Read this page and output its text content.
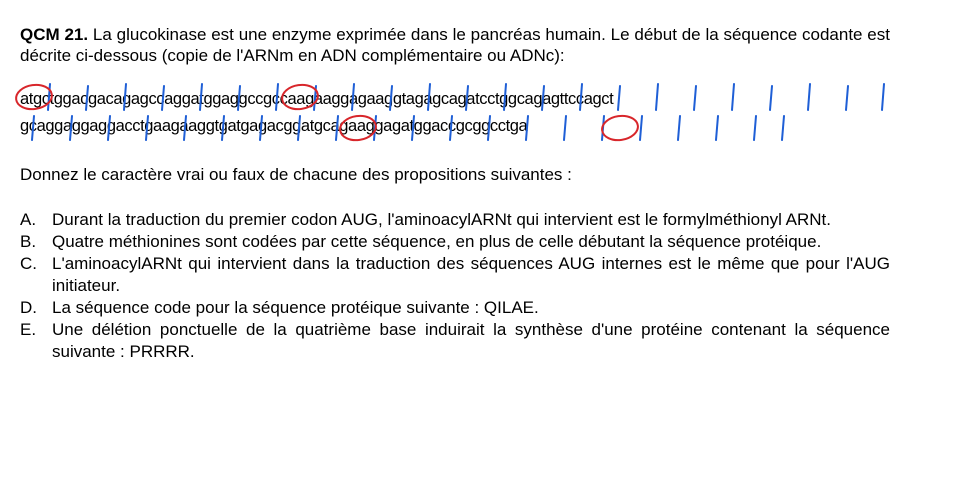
QCM 21. La glucokinase est une enzyme exprimée dans le pancréas humain. Le début de la séquence codante est décrite ci-dessous (copie de l'ARNm en ADN complémentaire ou ADNc):

atgctggacgacagagccaggatggaggccgccaagaaggagaaggtagagcagatcctggcagagttccagct

gcaggaggaggacctgaagaaggtgatgagacggatgcagaaggagatggaccgcggcctga

Donnez le caractère vrai ou faux de chacune des propositions suivantes :

A. Durant la traduction du premier codon AUG, l'aminoacylARNt qui intervient est le formylméthionyl ARNt.
B. Quatre méthionines sont codées par cette séquence, en plus de celle débutant la séquence protéique.
C. L'aminoacylARNt qui intervient dans la traduction des séquences AUG internes est le même que pour l'AUG initiateur.
D. La séquence code pour la séquence protéique suivante : QILAE.
E. Une délétion ponctuelle de la quatrième base induirait la synthèse d'une protéine contenant la séquence suivante : PRRRR.
